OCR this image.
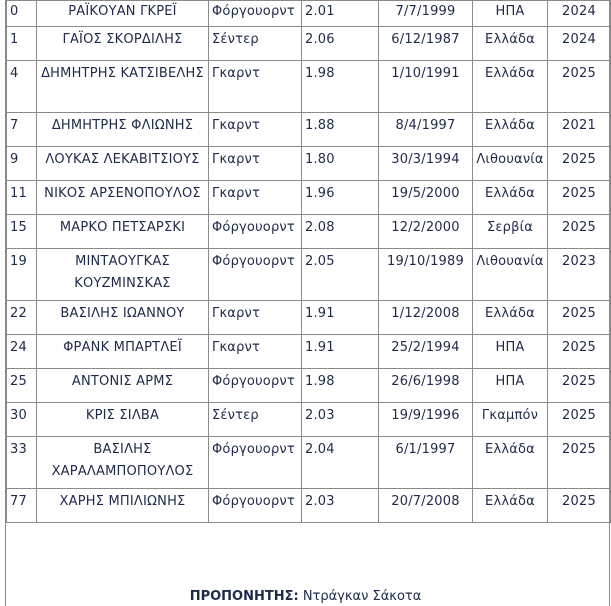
0	ΡΑΪΚΟΥΑΝ ΓΚΡΕΪ	Φόργουορντ	2.01	7/7/1999	ΗΠΑ	2024
1	ΓΑΪΟΣ ΣΚΟΡΔΙΛΗΣ	Σέντερ	2.06	6/12/1987	Ελλάδα	2024
4	ΔΗΜΗΤΡΗΣ ΚΑΤΣΙΒΕΛΗΣ	Γκαρντ	1.98	1/10/1991	Ελλάδα	2025
7	ΔΗΜΗΤΡΗΣ ΦΛΙΩΝΗΣ	Γκαρντ	1.88	8/4/1997	Ελλάδα	2021
9	ΛΟΥΚΑΣ ΛΕΚΑΒΙΤΣΙΟΥΣ	Γκαρντ	1.80	30/3/1994	Λιθουανία	2025
11	ΝΙΚΟΣ ΑΡΣΕΝΟΠΟΥΛΟΣ	Γκαρντ	1.96	19/5/2000	Ελλάδα	2025
15	ΜΑΡΚΟ ΠΕΤΣΑΡΣΚΙ	Φόργουορντ	2.08	12/2/2000	Σερβία	2025
19	ΜΙΝΤΑΟΥΓΚΑΣ ΚΟΥΖΜΙΝΣΚΑΣ	Φόργουορντ	2.05	19/10/1989	Λιθουανία	2023
22	ΒΑΣΙΛΗΣ ΙΩΑΝΝΟΥ	Γκαρντ	1.91	1/12/2008	Ελλάδα	2025
24	ΦΡΑΝΚ ΜΠΑΡΤΛΕΪ	Γκαρντ	1.91	25/2/1994	ΗΠΑ	2025
25	ΑΝΤΟΝΙΣ ΑΡΜΣ	Φόργουορντ	1.98	26/6/1998	ΗΠΑ	2025
30	ΚΡΙΣ ΣΙΛΒΑ	Σέντερ	2.03	19/9/1996	Γκαμπόν	2025
33	ΒΑΣΙΛΗΣ ΧΑΡΑΛΑΜΠΟΠΟΥΛΟΣ	Φόργουορντ	2.04	6/1/1997	Ελλάδα	2025
77	ΧΑΡΗΣ ΜΠΙΛΙΩΝΗΣ	Φόργουορντ	2.03	20/7/2008	Ελλάδα	2025
ΠΡΟΠΟΝΗΤΗΣ: Ντράγκαν Σάκοτα
